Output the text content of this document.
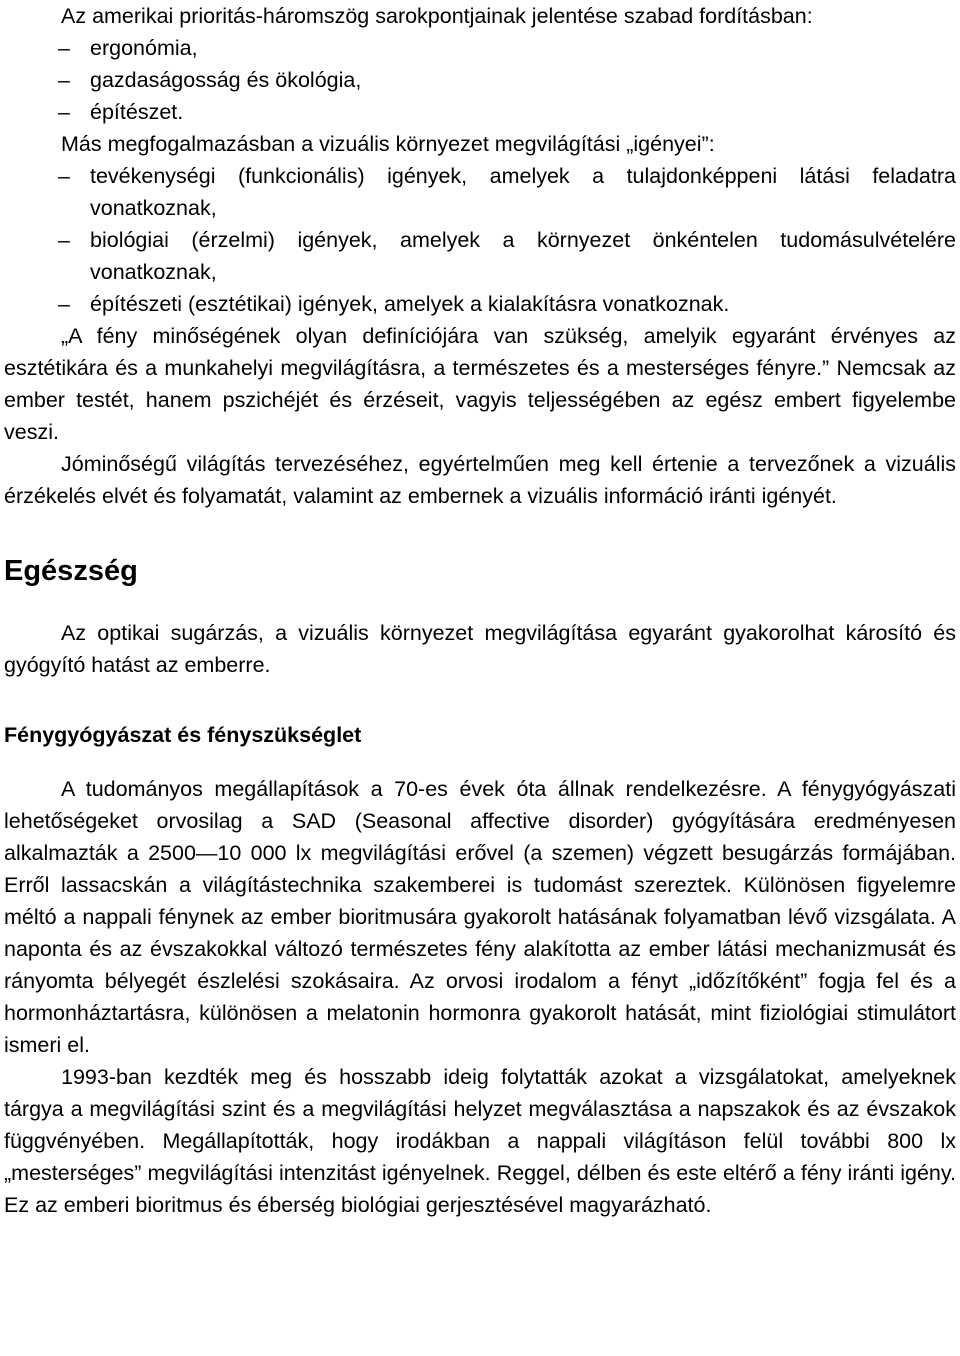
Az amerikai prioritás-háromszög sarokpontjainak jelentése szabad fordításban:

– ergonómia,
– gazdaságosság és ökológia,
– építészet.

Más megfogalmazásban a vizuális környezet megvilágítási „igényei”:

– tevékenységi (funkcionális) igények, amelyek a tulajdonképpeni látási feladatra vonatkoznak,
– biológiai (érzelmi) igények, amelyek a környezet önkéntelen tudomásulvételére vonatkoznak,
– építészeti (esztétikai) igények, amelyek a kialakításra vonatkoznak.

„A fény minőségének olyan definíciójára van szükség, amelyik egyaránt érvényes az esztétikára és a munkahelyi megvilágításra, a természetes és a mesterséges fényre.” Nemcsak az ember testét, hanem pszichéjét és érzéseit, vagyis teljességében az egész embert figyelembe veszi.

Jóminőségű világítás tervezéséhez, egyértelműen meg kell értenie a tervezőnek a vizuális érzékelés elvét és folyamatát, valamint az embernek a vizuális információ iránti igényét.

Egészség

Az optikai sugárzás, a vizuális környezet megvilágítása egyaránt gyakorolhat károsító és gyógyító hatást az emberre.

Fénygyógyászat és fényszükséglet

A tudományos megállapítások a 70-es évek óta állnak rendelkezésre. A fénygyógyászati lehetőségeket orvosilag a SAD (Seasonal affective disorder) gyógyítására eredményesen alkalmazták a 2500—10 000 lx megvilágítási erővel (a szemen) végzett besugárzás formájában. Erről lassacskán a világítástechnika szakemberei is tudomást szereztek. Különösen figyelemre méltó a nappali fénynek az ember bioritmusára gyakorolt hatásának folyamatban lévő vizsgálata. A naponta és az évszakokkal változó természetes fény alakította az ember látási mechanizmusát és rányomta bélyegét észlelési szokásaira. Az orvosi irodalom a fényt „időzítőként” fogja fel és a hormonháztartásra, különösen a melatonin hormonra gyakorolt hatását, mint fiziológiai stimulátort ismeri el.

1993-ban kezdték meg és hosszabb ideig folytatták azokat a vizsgálatokat, amelyeknek tárgya a megvilágítási szint és a megvilágítási helyzet megválasztása a napszakok és az évszakok függvényében. Megállapították, hogy irodákban a nappali világításon felül további 800 lx „mesterséges” megvilágítási intenzitást igényelnek. Reggel, délben és este eltérő a fény iránti igény. Ez az emberi bioritmus és éberség biológiai gerjesztésével magyarázható.
